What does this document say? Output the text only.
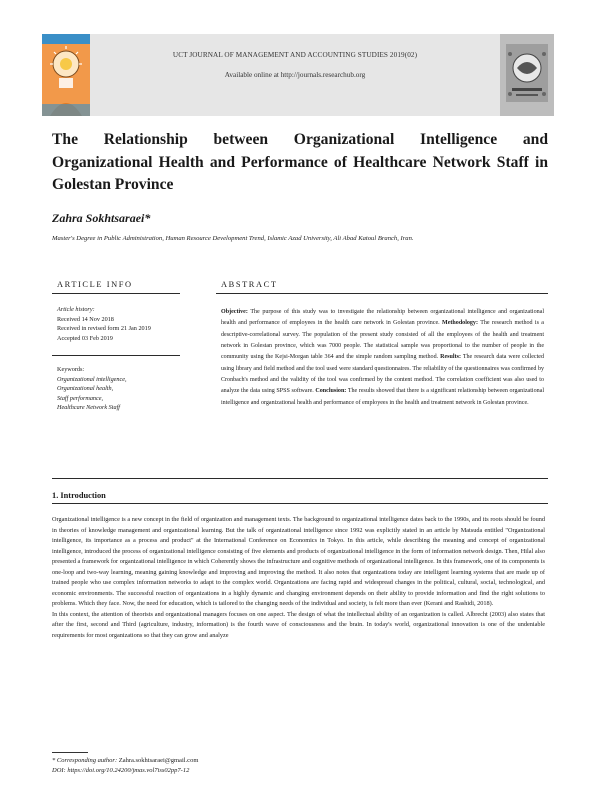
UCT JOURNAL OF MANAGEMENT AND ACCOUNTING STUDIES 2019(02)
Available online at http://journals.researchub.org
The Relationship between Organizational Intelligence and
Organizational Health and Performance of Healthcare Network Staff in
Golestan Province
Zahra Sokhtsaraei*
Master's Degree in Public Administration, Human Resource Development Trend, Islamic Azad University, Ali Abad Katoul Branch, Iran.
ARTICLE INFO
Article history:
Received 14 Nov 2018
Received in revised form 21 Jan 2019
Accepted 03 Feb 2019
Keywords:
Organizational intelligence,
Organizational health,
Staff performance,
Healthcare Network Staff
ABSTRACT
Objective: The purpose of this study was to investigate the relationship between organizational intelligence and organizational health and performance of employees in the health care network in Golestan province. Methodology: The research method is a descriptive-correlational survey. The population of the present study consisted of all the employees of the health and treatment network in Golestan province, which was 7000 people. The statistical sample was proportional to the number of people in the community using the Kejsi-Morgan table 364 and the simple random sampling method. Results: The research data were collected using library and field method and the tool used were standard questionnaires. The reliability of the questionnaires was confirmed by Cronbach's method and the validity of the tool was confirmed by the content method. The correlation coefficient was also used to analyze the data using SPSS software. Conclusion: The results showed that there is a significant relationship between organizational intelligence and organizational health and performance of employees in the health and treatment network in Golestan province.
1. Introduction

Organizational intelligence is a new concept in the field of organization and management texts. The background to organizational intelligence dates back to the 1990s, and its roots should be found in theories of knowledge management and organizational learning. But the talk of organizational intelligence since 1992 was explicitly stated in an article by Matsuda entitled "Organizational intelligence, its importance as a process and product" at the International Conference on Economics in Tokyo. In this article, while describing the meaning and concept of organizational intelligence, introduced the process of organizational intelligence consisting of five elements and products of organizational intelligence in the form of information network design. Then, Hilal also presented a framework for organizational intelligence in which Coherently shows the infrastructure and cognitive methods of organizational intelligence. In this framework, one of its components is one-loop and two-way learning, meaning gaining knowledge and improving and improving the method. It also notes that organizations today are intelligent learning systems that are made up of trained people who use complex information networks to adapt to the complex world. Organizations are facing rapid and widespread changes in the political, cultural, social, technological, and economic environments. The successful reaction of organizations in a highly dynamic and changing environment depends on their ability to provide information and find the right solutions to problems. Which they face. Now, the need for education, which is tailored to the changing needs of the individual and society, is felt more than ever (Kerani and Rashidi, 2018).

In this context, the attention of theorists and organizational managers focuses on one aspect. The design of what the intellectual ability of an organization is called. Albrecht (2003) also states that after the first, second and Third (agriculture, industry, information) is the fourth wave of consciousness and the brain. In today's world, organizational innovation is one of the undeniable requirements for most organizations so that they can grow and analyze

* Corresponding author: Zahra.sokhtsaraei@gmail.com
DOI: https://doi.org/10.24200/jmas.vol7iss02pp7-12
